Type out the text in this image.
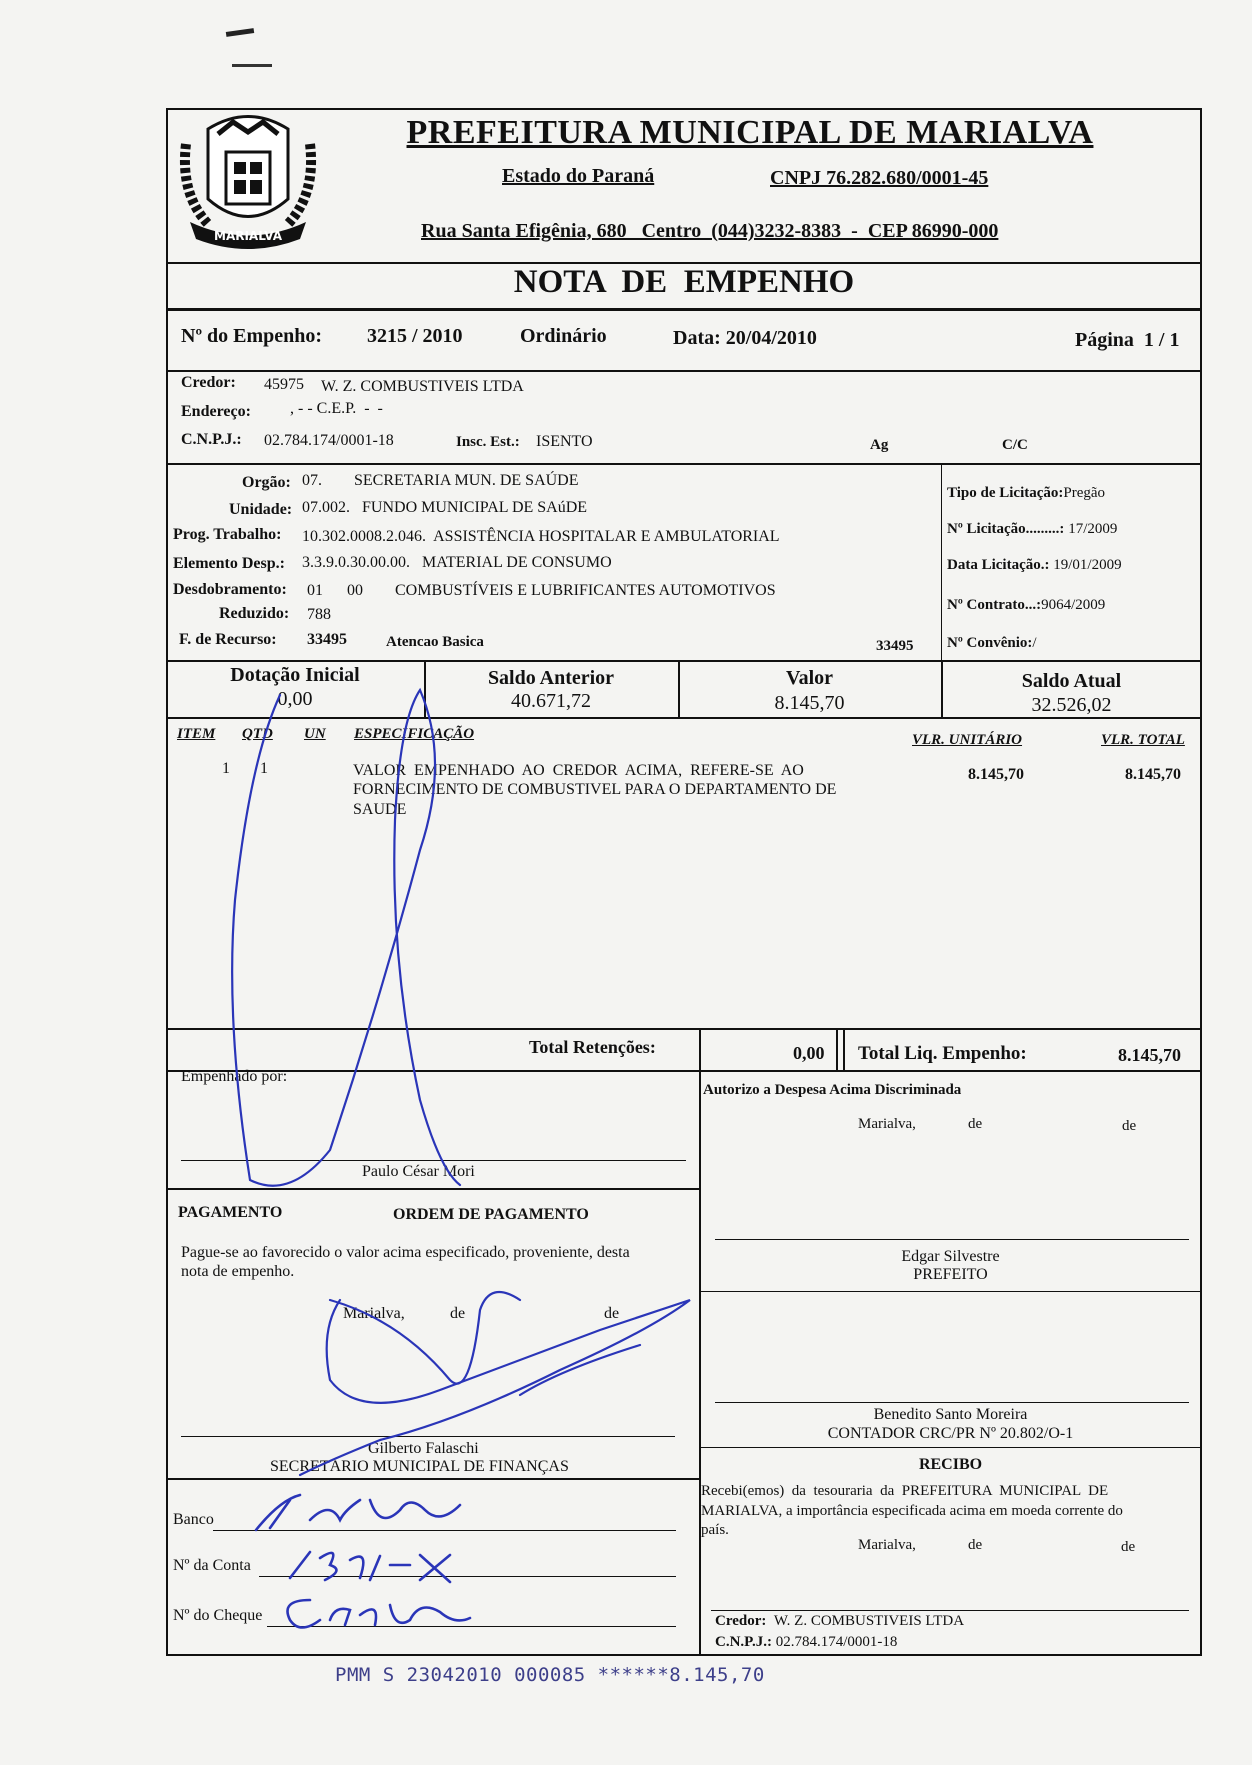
MARIALVA
PREFEITURA MUNICIPAL DE MARIALVA
Estado do Paraná	CNPJ 76.282.680/0001-45
Rua Santa Efigênia, 680   Centro  (044)3232-8383  -  CEP 86990-000
NOTA  DE  EMPENHO
Nº do Empenho: 3215 / 2010	Ordinário	Data: 20/04/2010	Página  1 / 1
Credor: 45975 W. Z. COMBUSTIVEIS LTDA
Endereço: , - - C.E.P.  -  -
C.N.P.J.: 02.784.174/0001-18	Insc. Est.: ISENTO	Ag	C/C
Orgão: 07.        SECRETARIA MUN. DE SAÚDE
Unidade: 07.002.   FUNDO MUNICIPAL DE SAúDE
Prog. Trabalho: 10.302.0008.2.046.  ASSISTÊNCIA HOSPITALAR E AMBULATORIAL
Elemento Desp.: 3.3.9.0.30.00.00.   MATERIAL DE CONSUMO
Desdobramento: 01      00        COMBUSTÍVEIS E LUBRIFICANTES AUTOMOTIVOS
Reduzido: 788
F. de Recurso: 33495	Atencao Basica	33495
Tipo de Licitação:Pregão
Nº Licitação.........: 17/2009
Data Licitação.: 19/01/2009
Nº Contrato...:9064/2009
Nº Convênio:/
Dotação Inicial
0,00
Saldo Anterior
40.671,72
Valor
8.145,70
Saldo Atual
32.526,02
ITEM QTD UN ESPECIFICAÇÃO	VLR. UNITÁRIO	VLR. TOTAL
1 1	VALOR  EMPENHADO  AO  CREDOR  ACIMA,  REFERE-SE  AO
FORNECIMENTO DE COMBUSTIVEL PARA O DEPARTAMENTO DE
SAUDE
8.145,70	8.145,70
Total Retenções:	0,00 Total Liq. Empenho:	8.145,70
Empenhado por:
Paulo César Mori
PAGAMENTO	ORDEM DE PAGAMENTO
Pague-se ao favorecido o valor acima especificado, proveniente, desta
nota de empenho.
Marialva,	de	de
Gilberto Falaschi
SECRETÁRIO MUNICIPAL DE FINANÇAS
Banco
Nº da Conta
Nº do Cheque
Autorizo a Despesa Acima Discriminada
Marialva,	de	de
Edgar Silvestre
PREFEITO
Benedito Santo Moreira
CONTADOR CRC/PR Nº 20.802/O-1
RECIBO
Recebi(emos)  da  tesouraria  da  PREFEITURA  MUNICIPAL  DE
MARIALVA, a importância especificada acima em moeda corrente do
país.
Marialva,	de	de
Credor: W. Z. COMBUSTIVEIS LTDA
C.N.P.J.: 02.784.174/0001-18
PMM S 23042010 000085 ******8.145,70
